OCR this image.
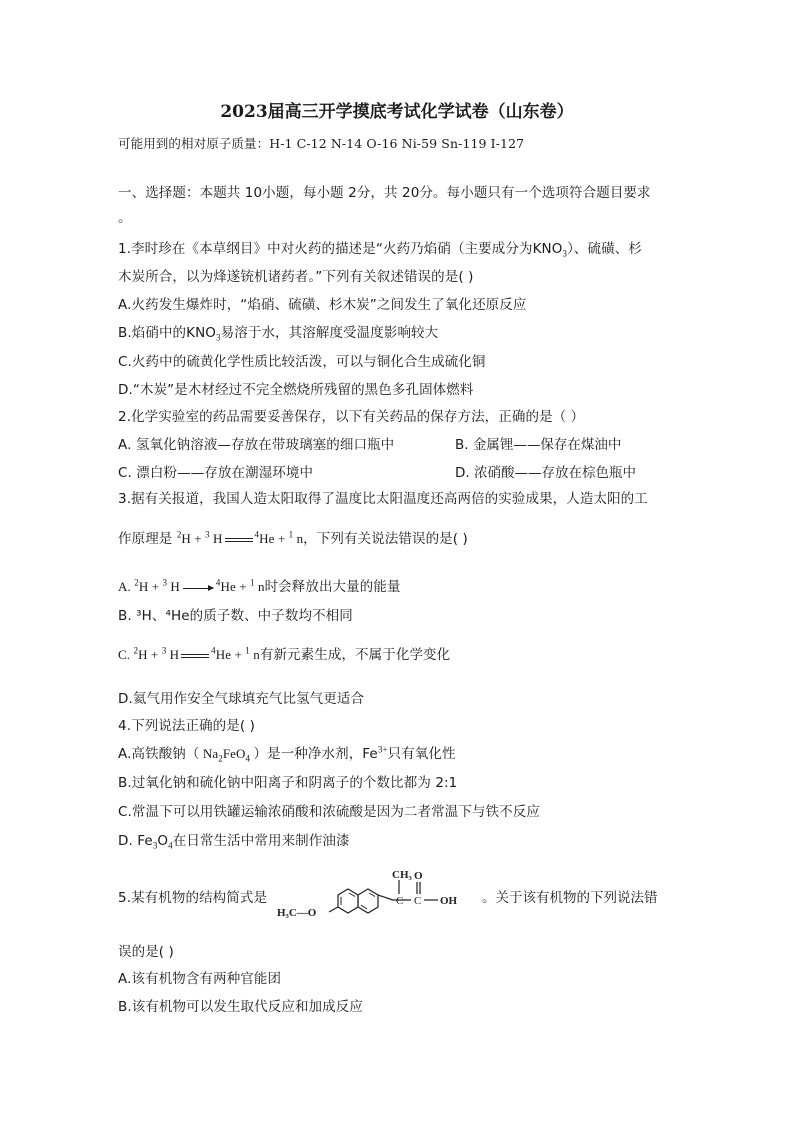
2023届高三开学摸底考试化学试卷（山东卷）
可能用到的相对原子质量：H-1 C-12 N-14 O-16 Ni-59 Sn-119 I-127
一、选择题：本题共 10小题，每小题 2分，共 20分。每小题只有一个选项符合题目要求
。
1.李时珍在《本草纲目》中对火药的描述是“火药乃焰硝（主要成分为$KNO_3$）、硫磺、杉
木炭所合，以为烽遂铳机诸药者。”下列有关叙述错误的是( )
A.火药发生爆炸时，“焰硝、硫磺、杉木炭”之间发生了氧化还原反应
B.焰硝中的$KNO_3$易溶于水，其溶解度受温度影响较大
C.火药中的硫黄化学性质比较活泼，可以与铜化合生成硫化铜
D.“木炭”是木材经过不完全燃烧所残留的黑色多孔固体燃料
2.化学实验室的药品需要妥善保存，以下有关药品的保存方法，正确的是（ ）
A. 氢氧化钠溶液—存放在带玻璃塞的细口瓶中	B. 金属锂——保存在煤油中
C. 漂白粉——存放在潮湿环境中	D. 浓硝酸——存放在棕色瓶中
3.据有关报道，我国人造太阳取得了温度比太阳温度还高两倍的实验成果，人造太阳的工
作原理是 $^2$H + $^3$ H	$^4$He + $^1$ n，下列有关说法错误的是( )
A. $^2$H + $^3$ H	$^4$He + $^1$ n时会释放出大量的能量
B. ³H、⁴He的质子数、中子数均不相同
C. $^2$H + $^3$ H	$^4$He + $^1$ n有新元素生成，不属于化学变化
D.氦气用作安全气球填充气比氢气更适合
4.下列说法正确的是( )
A.高铁酸钠（ $Na_2FeO_4$ ）是一种净水剂，$Fe^{3+}$只有氧化性
B.过氧化钠和硫化钠中阳离子和阴离子的个数比都为 2:1
C.常温下可以用铁罐运输浓硝酸和浓硫酸是因为二者常温下与铁不反应
D. $Fe_3O_4$在日常生活中常用来制作油漆
5.某有机物的结构简式是
H₃C—O
CH₃ O
OH
C C	。关于该有机物的下列说法错
误的是( )
A.该有机物含有两种官能团
B.该有机物可以发生取代反应和加成反应
